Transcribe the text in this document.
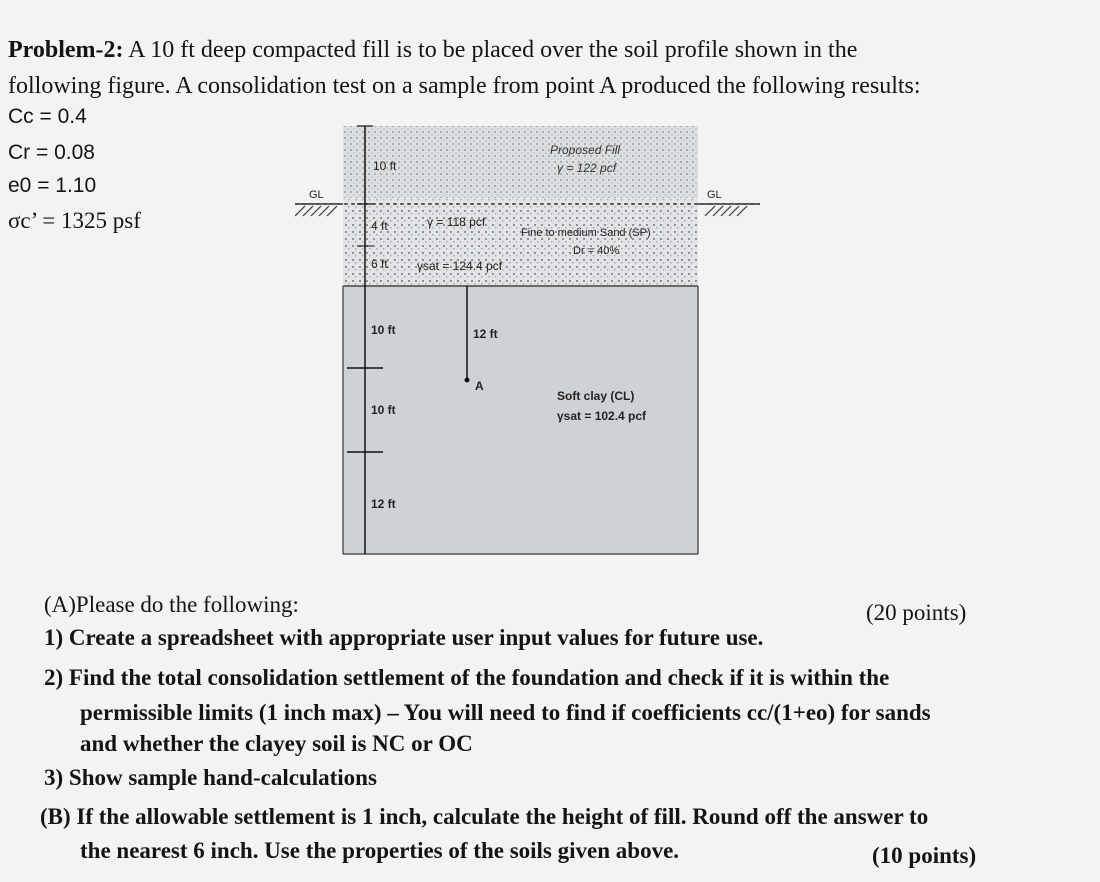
Problem-2: A 10 ft deep compacted fill is to be placed over the soil profile shown in the
following figure. A consolidation test on a sample from point A produced the following results:
Cc = 0.4
Cr = 0.08
e0 = 1.10
σc’ = 1325 psf
10 ft
Proposed Fill
γ = 122 pcf
GL	GL
4 ft	γ = 118 pcf
Fine to medium Sand (SP)
Dr = 40%
6 ft γsat = 124.4 pcf
10 ft	12 ft
A
Soft clay (CL)
γsat = 102.4 pcf
10 ft
12 ft
(A)Please do the following:	(20 points)
1) Create a spreadsheet with appropriate user input values for future use.
2) Find the total consolidation settlement of the foundation and check if it is within the
permissible limits (1 inch max) – You will need to find if coefficients cc/(1+eo) for sands
and whether the clayey soil is NC or OC
3) Show sample hand-calculations
(B) If the allowable settlement is 1 inch, calculate the height of fill. Round off the answer to
the nearest 6 inch. Use the properties of the soils given above.	(10 points)
